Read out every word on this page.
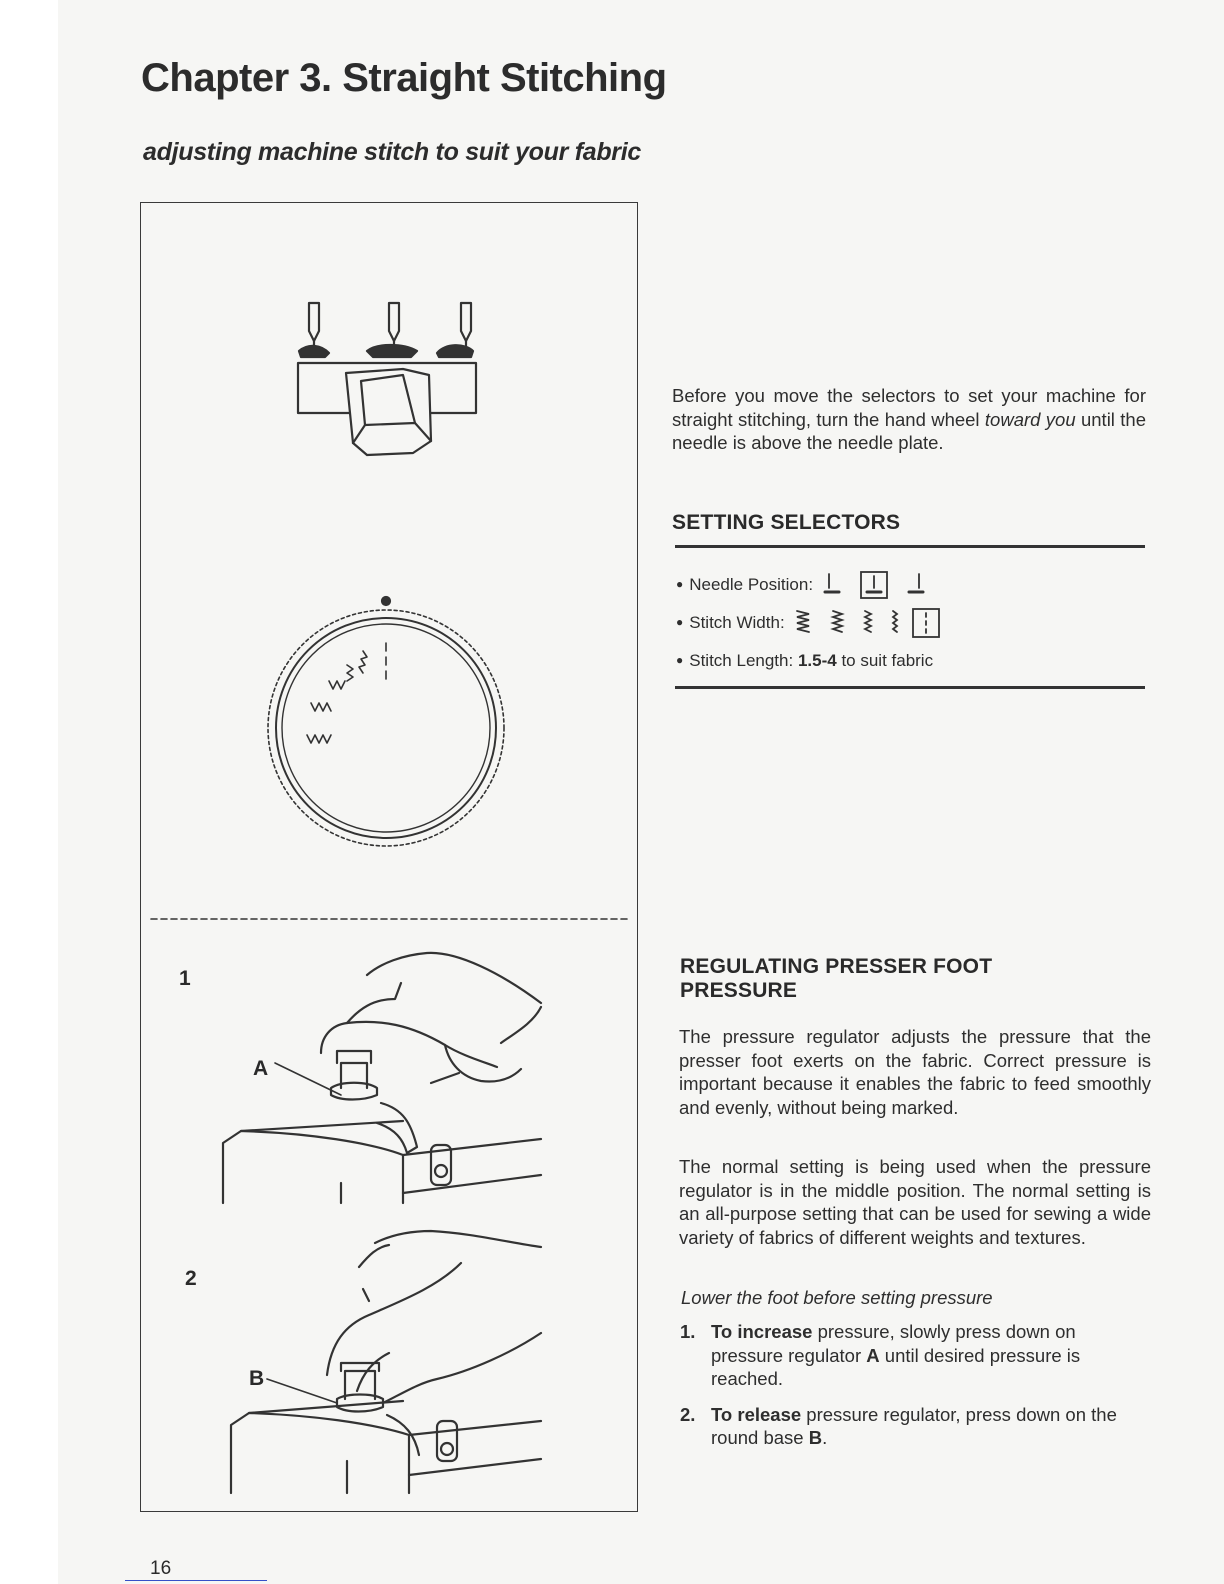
Chapter 3. Straight Stitching
adjusting machine stitch to suit your fabric
1
2
A
B

Before you move the selectors to set your machine for straight stitching, turn the hand wheel toward you until the needle is above the needle plate.

SETTING SELECTORS

● Needle Position:
● Stitch Width:
● Stitch Length:
1.5-4
to suit fabric

REGULATING PRESSER FOOT

PRESSURE

The pressure regulator adjusts the pressure that the presser foot exerts on the fabric. Correct pressure is important because it enables the fabric to feed smoothly and evenly, without being marked.

The normal setting is being used when the pressure regulator is in the middle position. The normal setting is an all-purpose setting that can be used for sewing a wide variety of fabrics of different weights and textures.

Lower the foot before setting pressure

1. To increase pressure, slowly press down on pressure regulator A until desired pressure is reached.
2. To release pressure regulator, press down on the round base B.
16
